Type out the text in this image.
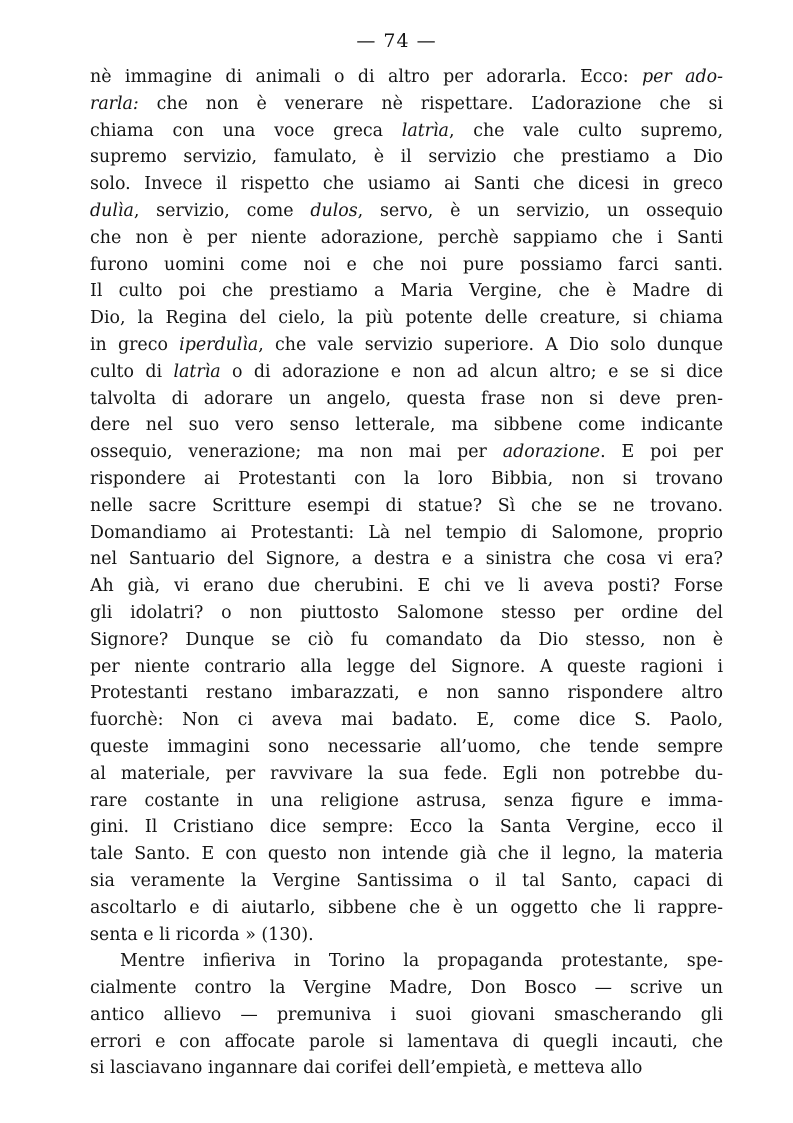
— 74 —
nè immagine di animali o di altro per adorarla. Ecco: per ado-
rarla: che non è venerare nè rispettare. L’adorazione che si
chiama con una voce greca latrìa, che vale culto supremo,
supremo servizio, famulato, è il servizio che prestiamo a Dio
solo. Invece il rispetto che usiamo ai Santi che dicesi in greco
dulìa, servizio, come dulos, servo, è un servizio, un ossequio
che non è per niente adorazione, perchè sappiamo che i Santi
furono uomini come noi e che noi pure possiamo farci santi.
Il culto poi che prestiamo a Maria Vergine, che è Madre di
Dio, la Regina del cielo, la più potente delle creature, si chiama
in greco iperdulìa, che vale servizio superiore. A Dio solo dunque
culto di latrìa o di adorazione e non ad alcun altro; e se si dice
talvolta di adorare un angelo, questa frase non si deve pren-
dere nel suo vero senso letterale, ma sibbene come indicante
ossequio, venerazione; ma non mai per adorazione. E poi per
rispondere ai Protestanti con la loro Bibbia, non si trovano
nelle sacre Scritture esempi di statue? Sì che se ne trovano.
Domandiamo ai Protestanti: Là nel tempio di Salomone, proprio
nel Santuario del Signore, a destra e a sinistra che cosa vi era?
Ah già, vi erano due cherubini. E chi ve li aveva posti? Forse
gli idolatri? o non piuttosto Salomone stesso per ordine del
Signore? Dunque se ciò fu comandato da Dio stesso, non è
per niente contrario alla legge del Signore. A queste ragioni i
Protestanti restano imbarazzati, e non sanno rispondere altro
fuorchè: Non ci aveva mai badato. E, come dice S. Paolo,
queste immagini sono necessarie all’uomo, che tende sempre
al materiale, per ravvivare la sua fede. Egli non potrebbe du-
rare costante in una religione astrusa, senza figure e imma-
gini. Il Cristiano dice sempre: Ecco la Santa Vergine, ecco il
tale Santo. E con questo non intende già che il legno, la materia
sia veramente la Vergine Santissima o il tal Santo, capaci di
ascoltarlo e di aiutarlo, sibbene che è un oggetto che li rappre-
senta e li ricorda » (130).
Mentre infieriva in Torino la propaganda protestante, spe-
cialmente contro la Vergine Madre, Don Bosco — scrive un
antico allievo — premuniva i suoi giovani smascherando gli
errori e con affocate parole si lamentava di quegli incauti, che
si lasciavano ingannare dai corifei dell’empietà, e metteva allo
